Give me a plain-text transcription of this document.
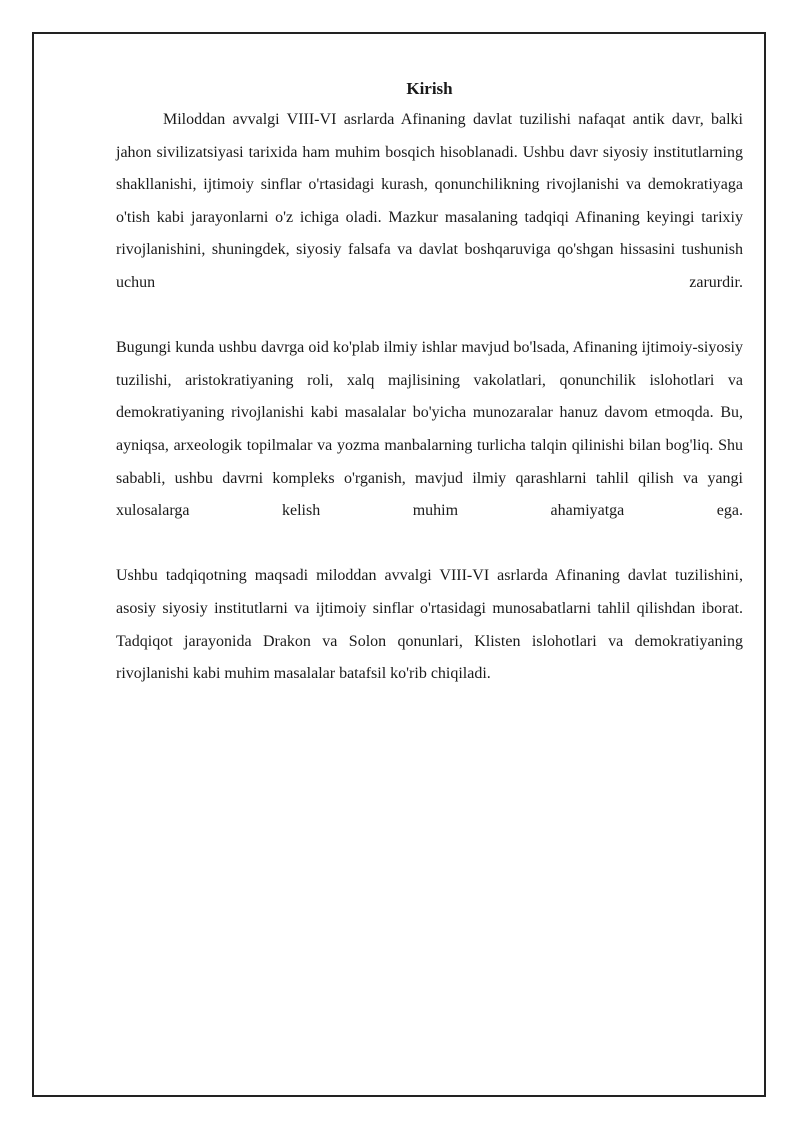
Kirish

Miloddan avvalgi VIII-VI asrlarda Afinaning davlat tuzilishi nafaqat antik davr, balki jahon sivilizatsiyasi tarixida ham muhim bosqich hisoblanadi. Ushbu davr siyosiy institutlarning shakllanishi, ijtimoiy sinflar o'rtasidagi kurash, qonunchilikning rivojlanishi va demokratiyaga o'tish kabi jarayonlarni o'z ichiga oladi. Mazkur masalaning tadqiqi Afinaning keyingi tarixiy rivojlanishini, shuningdek, siyosiy falsafa va davlat boshqaruviga qo'shgan hissasini tushunish uchun zarurdir.

Bugungi kunda ushbu davrga oid ko'plab ilmiy ishlar mavjud bo'lsada, Afinaning ijtimoiy-siyosiy tuzilishi, aristokratiyaning roli, xalq majlisining vakolatlari, qonunchilik islohotlari va demokratiyaning rivojlanishi kabi masalalar bo'yicha munozaralar hanuz davom etmoqda. Bu, ayniqsa, arxeologik topilmalar va yozma manbalarning turlicha talqin qilinishi bilan bog'liq. Shu sababli, ushbu davrni kompleks o'rganish, mavjud ilmiy qarashlarni tahlil qilish va yangi xulosalarga kelish muhim ahamiyatga ega.

Ushbu tadqiqotning maqsadi miloddan avvalgi VIII-VI asrlarda Afinaning davlat tuzilishini, asosiy siyosiy institutlarni va ijtimoiy sinflar o'rtasidagi munosabatlarni tahlil qilishdan iborat. Tadqiqot jarayonida Drakon va Solon qonunlari, Klisten islohotlari va demokratiyaning rivojlanishi kabi muhim masalalar batafsil ko'rib chiqiladi.
